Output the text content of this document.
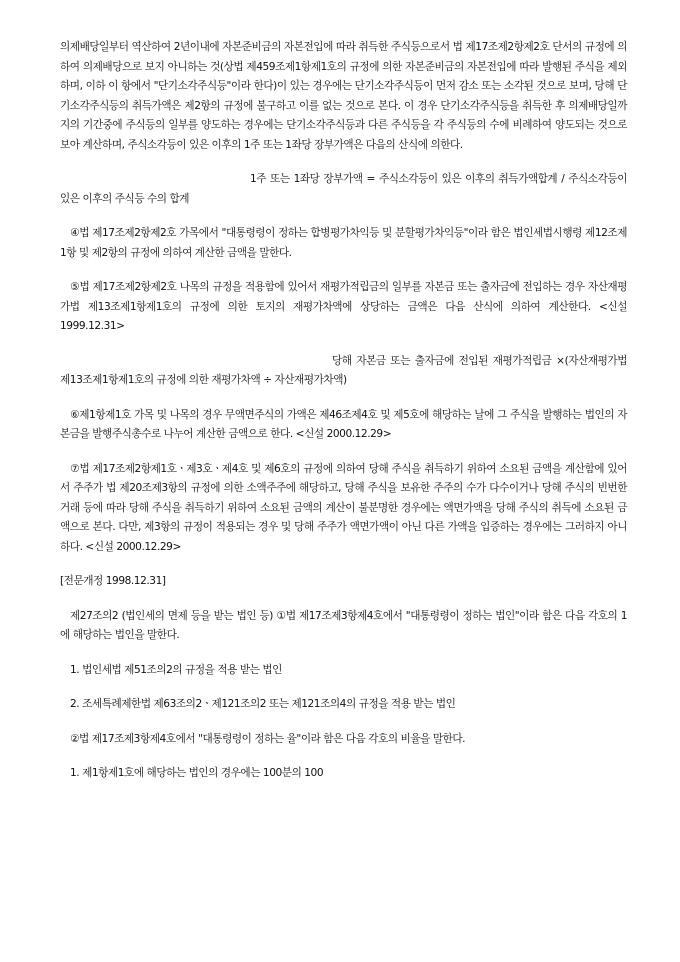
의제배당일부터 역산하여 2년이내에 자본준비금의 자본전입에 따라 취득한 주식등으로서 법 제17조제2항제2호 단서의 규정에 의하여 의제배당으로 보지 아니하는 것(상법 제459조제1항제1호의 규정에 의한 자본준비금의 자본전입에 따라 발행된 주식을 제외하며, 이하 이 항에서 "단기소각주식등"이라 한다)이 있는 경우에는 단기소각주식등이 먼저 감소 또는 소각된 것으로 보며, 당해 단기소각주식등의 취득가액은 제2항의 규정에 불구하고 이를 없는 것으로 본다. 이 경우 단기소각주식등을 취득한 후 의제배당일까지의 기간중에 주식등의 일부를 양도하는 경우에는 단기소각주식등과 다른 주식등을 각 주식등의 수에 비례하여 양도되는 것으로 보아 계산하며, 주식소각등이 있은 이후의 1주 또는 1좌당 장부가액은 다음의 산식에 의한다.

1주 또는 1좌당 장부가액 = 주식소각등이 있은 이후의 취득가액합계 / 주식소각등이 있은 이후의 주식등 수의 합계

④법 제17조제2항제2호 가목에서 "대통령령이 정하는 합병평가차익등 및 분할평가차익등"이라 함은 법인세법시행령 제12조제1항 및 제2항의 규정에 의하여 계산한 금액을 말한다.

⑤법 제17조제2항제2호 나목의 규정을 적용함에 있어서 재평가적립금의 일부를 자본금 또는 출자금에 전입하는 경우 자산재평가법 제13조제1항제1호의 규정에 의한 토지의 재평가차액에 상당하는 금액은 다음 산식에 의하여 계산한다. <신설 1999.12.31>

당해 자본금 또는 출자금에 전입된 재평가적립금 ×(자산재평가법 제13조제1항제1호의 규정에 의한 재평가차액 ÷ 자산재평가차액)

⑥제1항제1호 가목 및 나목의 경우 무액면주식의 가액은 제46조제4호 및 제5호에 해당하는 날에 그 주식을 발행하는 법인의 자본금을 발행주식총수로 나누어 계산한 금액으로 한다. <신설 2000.12.29>

⑦법 제17조제2항제1호ㆍ제3호ㆍ제4호 및 제6호의 규정에 의하여 당해 주식을 취득하기 위하여 소요된 금액을 계산함에 있어서 주주가 법 제20조제3항의 규정에 의한 소액주주에 해당하고, 당해 주식을 보유한 주주의 수가 다수이거나 당해 주식의 빈번한 거래 등에 따라 당해 주식을 취득하기 위하여 소요된 금액의 계산이 불분명한 경우에는 액면가액을 당해 주식의 취득에 소요된 금액으로 본다. 다만, 제3항의 규정이 적용되는 경우 및 당해 주주가 액면가액이 아닌 다른 가액을 입증하는 경우에는 그러하지 아니하다. <신설 2000.12.29>

[전문개정 1998.12.31]

제27조의2 (법인세의 면제 등을 받는 법인 등) ①법 제17조제3항제4호에서 "대통령령이 정하는 법인"이라 함은 다음 각호의 1에 해당하는 법인을 말한다.

1. 법인세법 제51조의2의 규정을 적용 받는 법인

2. 조세특례제한법 제63조의2ㆍ제121조의2 또는 제121조의4의 규정을 적용 받는 법인

②법 제17조제3항제4호에서 "대통령령이 정하는 율"이라 함은 다음 각호의 비율을 말한다.

1. 제1항제1호에 해당하는 법인의 경우에는 100분의 100
